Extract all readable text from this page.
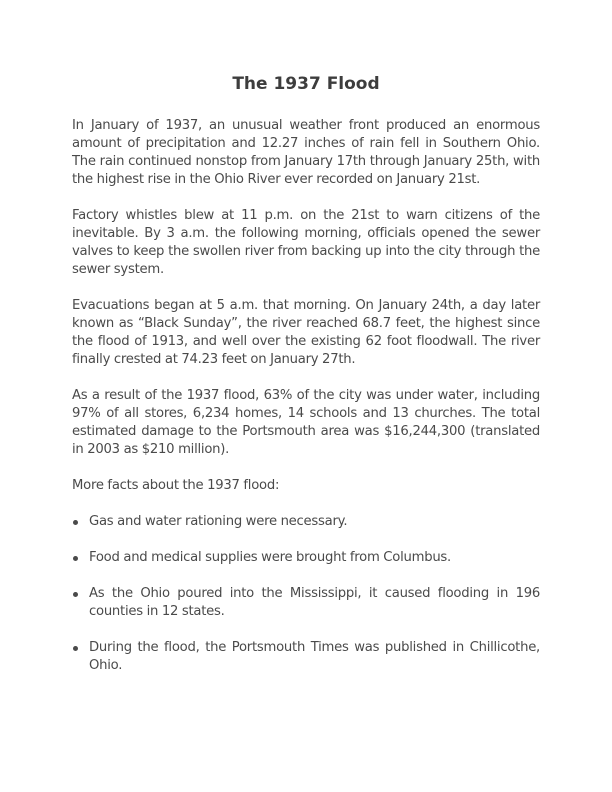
The 1937 Flood

In January of 1937, an unusual weather front produced an enormous amount of precipitation and 12.27 inches of rain fell in Southern Ohio. The rain continued nonstop from January 17th through January 25th, with the highest rise in the Ohio River ever recorded on January 21st.

Factory whistles blew at 11 p.m. on the 21st to warn citizens of the inevitable. By 3 a.m. the following morning, officials opened the sewer valves to keep the swollen river from backing up into the city through the sewer system.

Evacuations began at 5 a.m. that morning. On January 24th, a day later known as “Black Sunday”, the river reached 68.7 feet, the highest since the flood of 1913, and well over the existing 62 foot floodwall. The river finally crested at 74.23 feet on January 27th.

As a result of the 1937 flood, 63% of the city was under water, including 97% of all stores, 6,234 homes, 14 schools and 13 churches. The total estimated damage to the Portsmouth area was $16,244,300 (translated in 2003 as $210 million).

More facts about the 1937 flood:

Gas and water rationing were necessary.
Food and medical supplies were brought from Columbus.
As the Ohio poured into the Mississippi, it caused flooding in 196 counties in 12 states.
During the flood, the Portsmouth Times was published in Chillicothe, Ohio.
